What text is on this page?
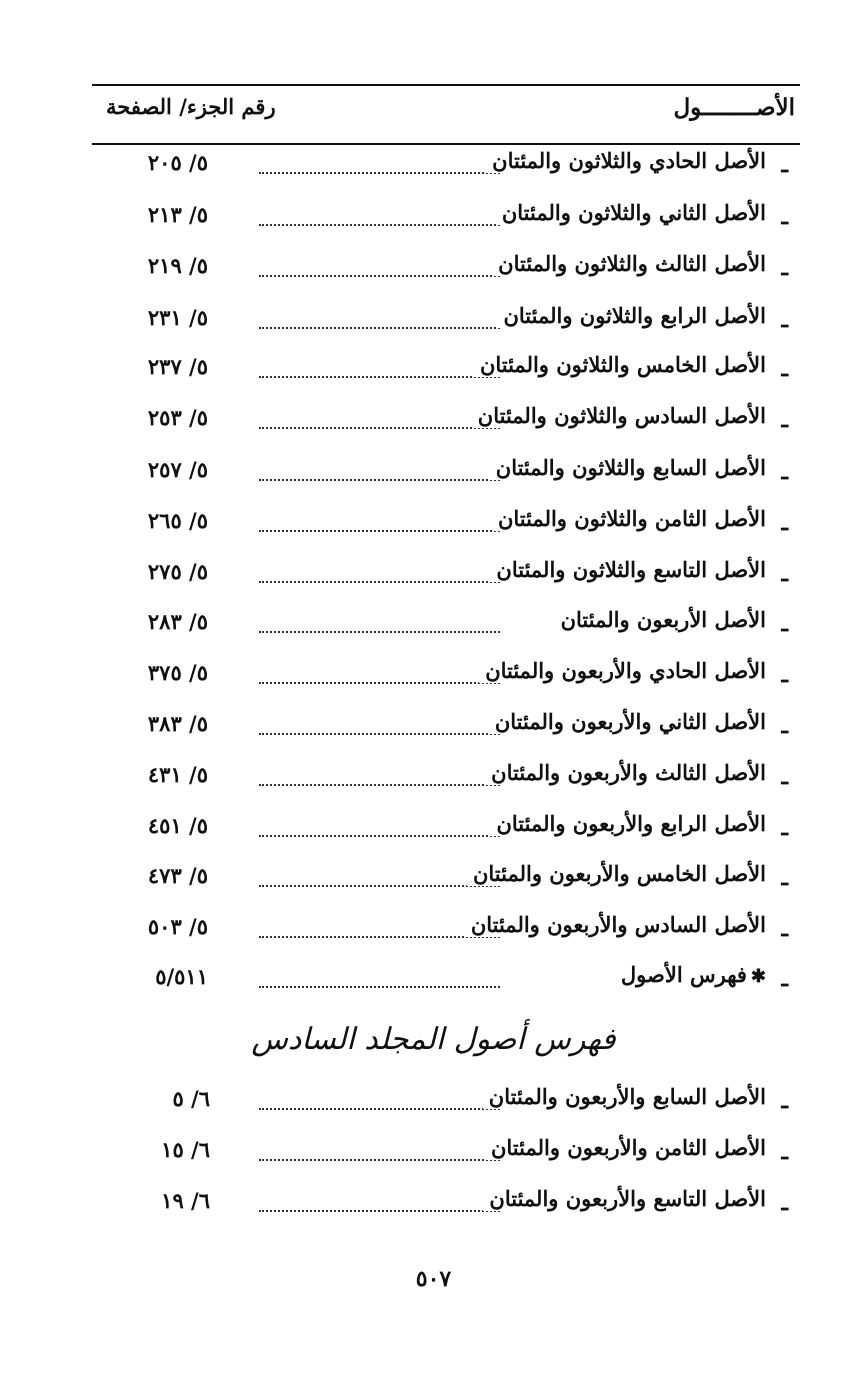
الأصــــــــول
رقم الجزء/ الصفحة
ـ
الأصل الحادي والثلاثون والمئتان
٥/ ٢٠٥
ـ
الأصل الثاني والثلاثون والمئتان
٥/ ٢١٣
ـ
الأصل الثالث والثلاثون والمئتان
٥/ ٢١٩
ـ
الأصل الرابع والثلاثون والمئتان
٥/ ٢٣١
ـ
الأصل الخامس والثلاثون والمئتان
٥/ ٢٣٧
ـ
الأصل السادس والثلاثون والمئتان
٥/ ٢٥٣
ـ
الأصل السابع والثلاثون والمئتان
٥/ ٢٥٧
ـ
الأصل الثامن والثلاثون والمئتان
٥/ ٢٦٥
ـ
الأصل التاسع والثلاثون والمئتان
٥/ ٢٧٥
ـ
الأصل الأربعون والمئتان
٥/ ٢٨٣
ـ
الأصل الحادي والأربعون والمئتان
٥/ ٣٧٥
ـ
الأصل الثاني والأربعون والمئتان
٥/ ٣٨٣
ـ
الأصل الثالث والأربعون والمئتان
٥/ ٤٣١
ـ
الأصل الرابع والأربعون والمئتان
٥/ ٤٥١
ـ
الأصل الخامس والأربعون والمئتان
٥/ ٤٧٣
ـ
الأصل السادس والأربعون والمئتان
٥/ ٥٠٣
ـ
✱فهرس الأصول
٥/٥١١
فهرس أصول المجلد السادس
ـ
الأصل السابع والأربعون والمئتان
٦/ ٥
ـ
الأصل الثامن والأربعون والمئتان
٦/ ١٥
ـ
الأصل التاسع والأربعون والمئتان
٦/ ١٩
٥٠٧
